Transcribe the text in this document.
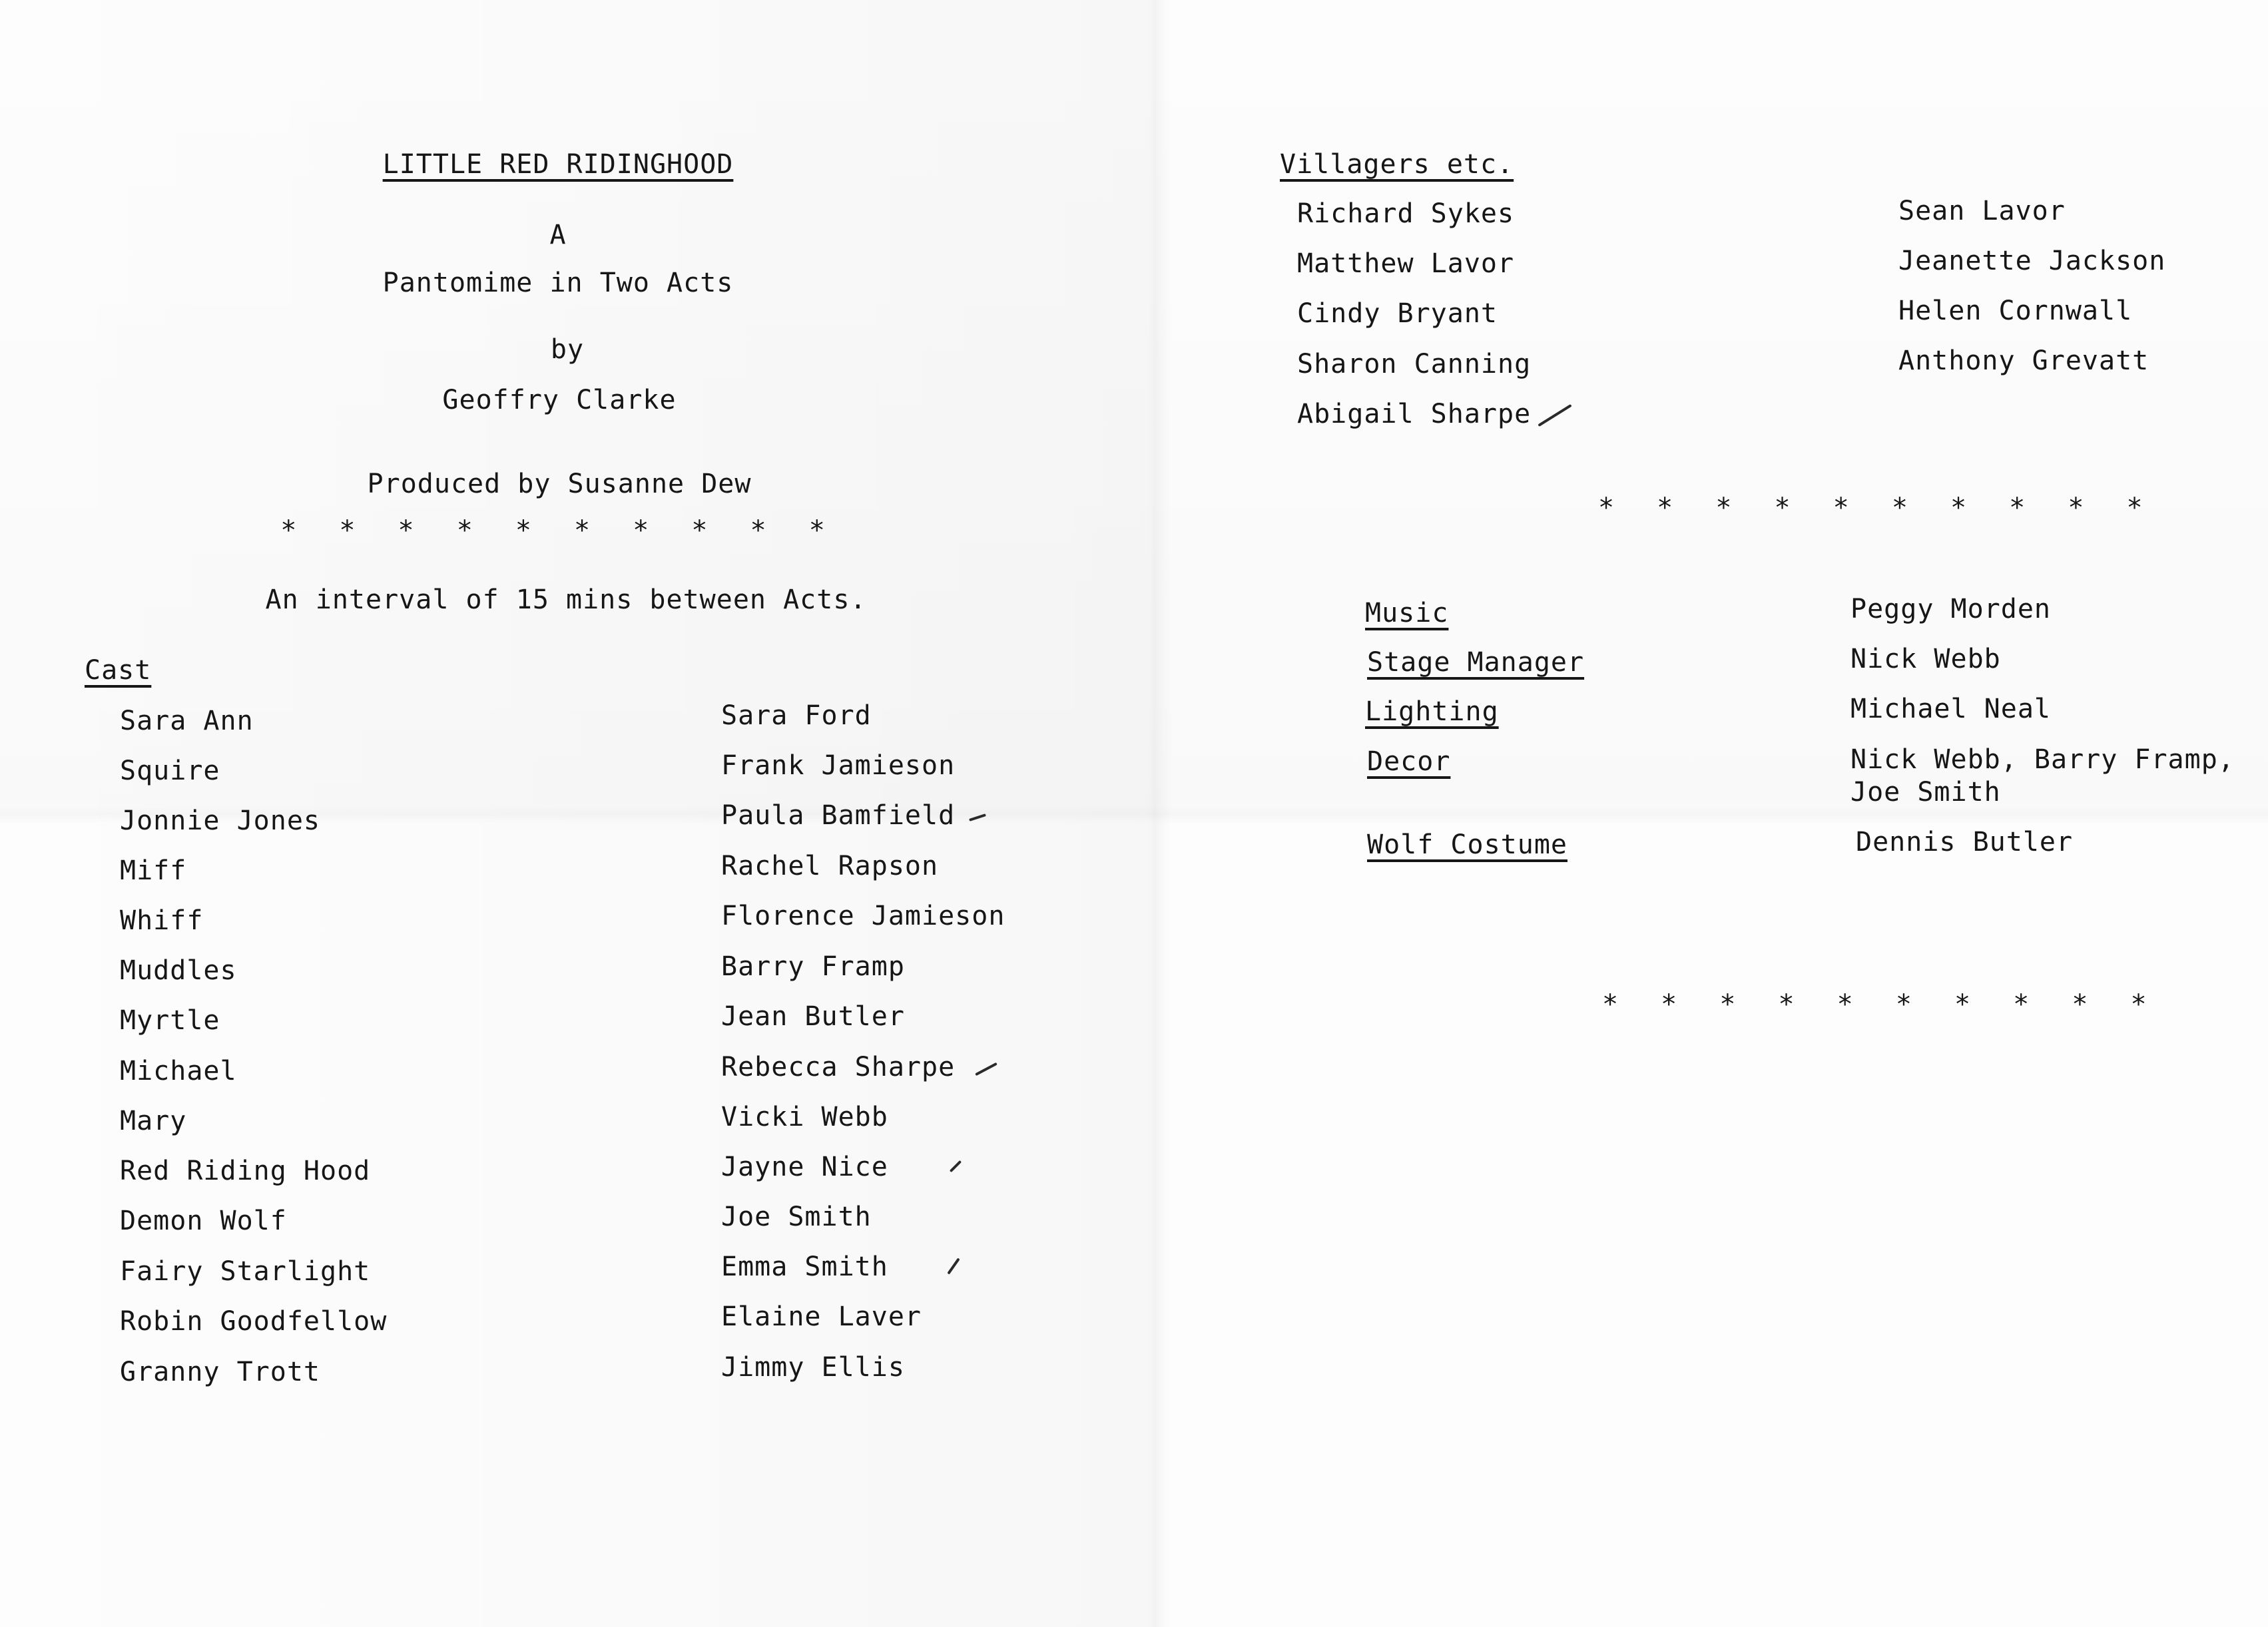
LITTLE RED RIDINGHOOD
A
Pantomime in Two Acts
by
Geoffry Clarke
Produced by Susanne Dew
* * * * * * * * * *
An interval of 15 mins between Acts.
Cast
Sara Ann
Squire
Jonnie Jones
Miff
Whiff
Muddles
Myrtle
Michael
Mary
Red Riding Hood
Demon Wolf
Fairy Starlight
Robin Goodfellow
Granny Trott
Sara Ford
Frank Jamieson
Paula Bamfield
Rachel Rapson
Florence Jamieson
Barry Framp
Jean Butler
Rebecca Sharpe
Vicki Webb
Jayne Nice
Joe Smith
Emma Smith
Elaine Laver
Jimmy Ellis
Villagers etc.
Richard Sykes
Matthew Lavor
Cindy Bryant
Sharon Canning
Abigail Sharpe
Sean Lavor
Jeanette Jackson
Helen Cornwall
Anthony Grevatt
* * * * * * * * * *
Music
Stage Manager
Lighting
Decor
Wolf Costume
Peggy Morden
Nick Webb
Michael Neal
Nick Webb, Barry Framp,
Joe Smith
Dennis Butler
* * * * * * * * * *
